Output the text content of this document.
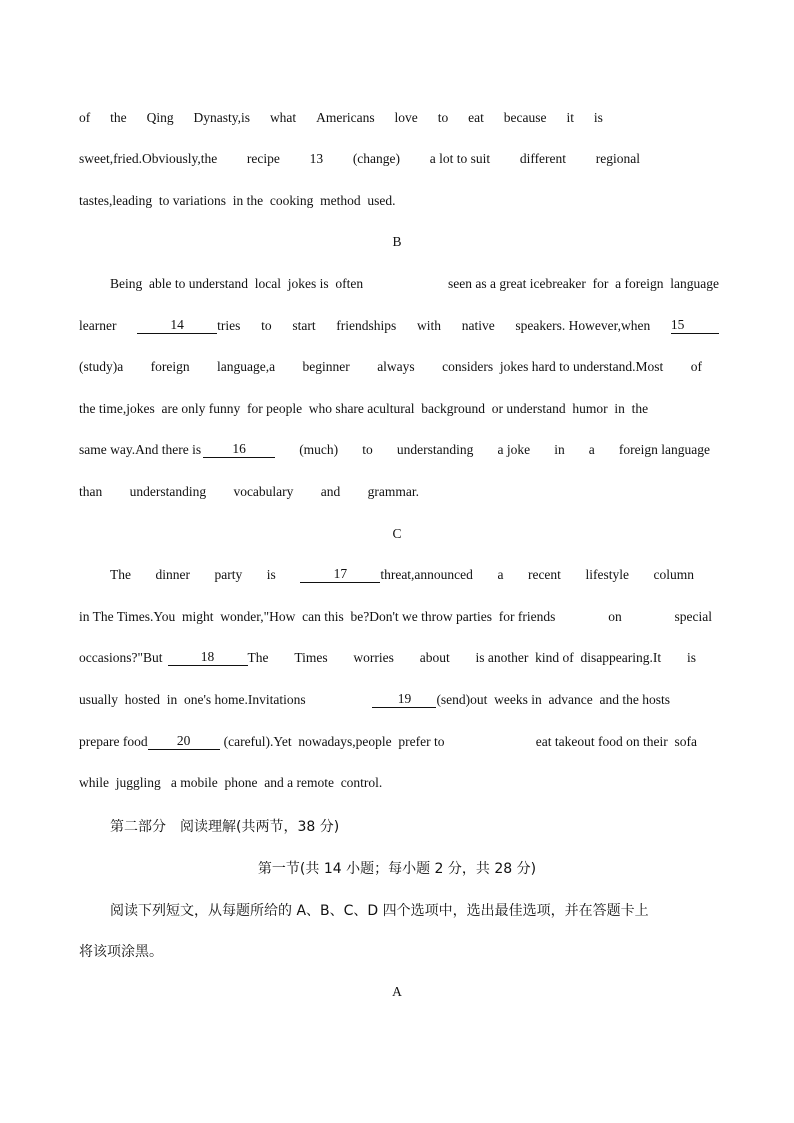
of the Qing Dynasty,is what Americans love to eat because it is
sweet,fried.Obviously,the recipe 13 (change) a lot to suit different regional
tastes,leading  to variations  in the  cooking  method  used.
B
Being  able to understand  local  jokes is  often	seen as a great icebreaker  for  a foreign  language
learner	14	tries to start friendships with native speakers. However,when 15
(study)a foreign language,a beginner always considers  jokes hard to understand.Most of
the time,jokes  are only funny  for people  who share acultural  background  or understand  humor  in  the
same way.And there is	16	(much) to understanding a joke in a foreign language
than understanding vocabulary and grammar.
C
The dinner party is	17	threat,announced a recent lifestyle column
in The Times.You  might  wonder,"How  can this  be?Don't we throw parties  for friends	on	special
occasions?"But	18	The Times worries about is another  kind of  disappearing.It is
usually  hosted  in  one's home.Invitations	19	(send)out  weeks in  advance  and the hosts
prepare food	20	(careful).Yet  nowadays,people  prefer to	eat takeout food on their  sofa
while  juggling   a mobile  phone  and a remote  control.
第二部分　阅读理解(共两节，38 分)
第一节(共 14 小题；每小题 2 分，共 28 分)
阅读下列短文，从每题所给的 A、B、C、D 四个选项中，选出最佳选项，并在答题卡上
将该项涂黑。
A
